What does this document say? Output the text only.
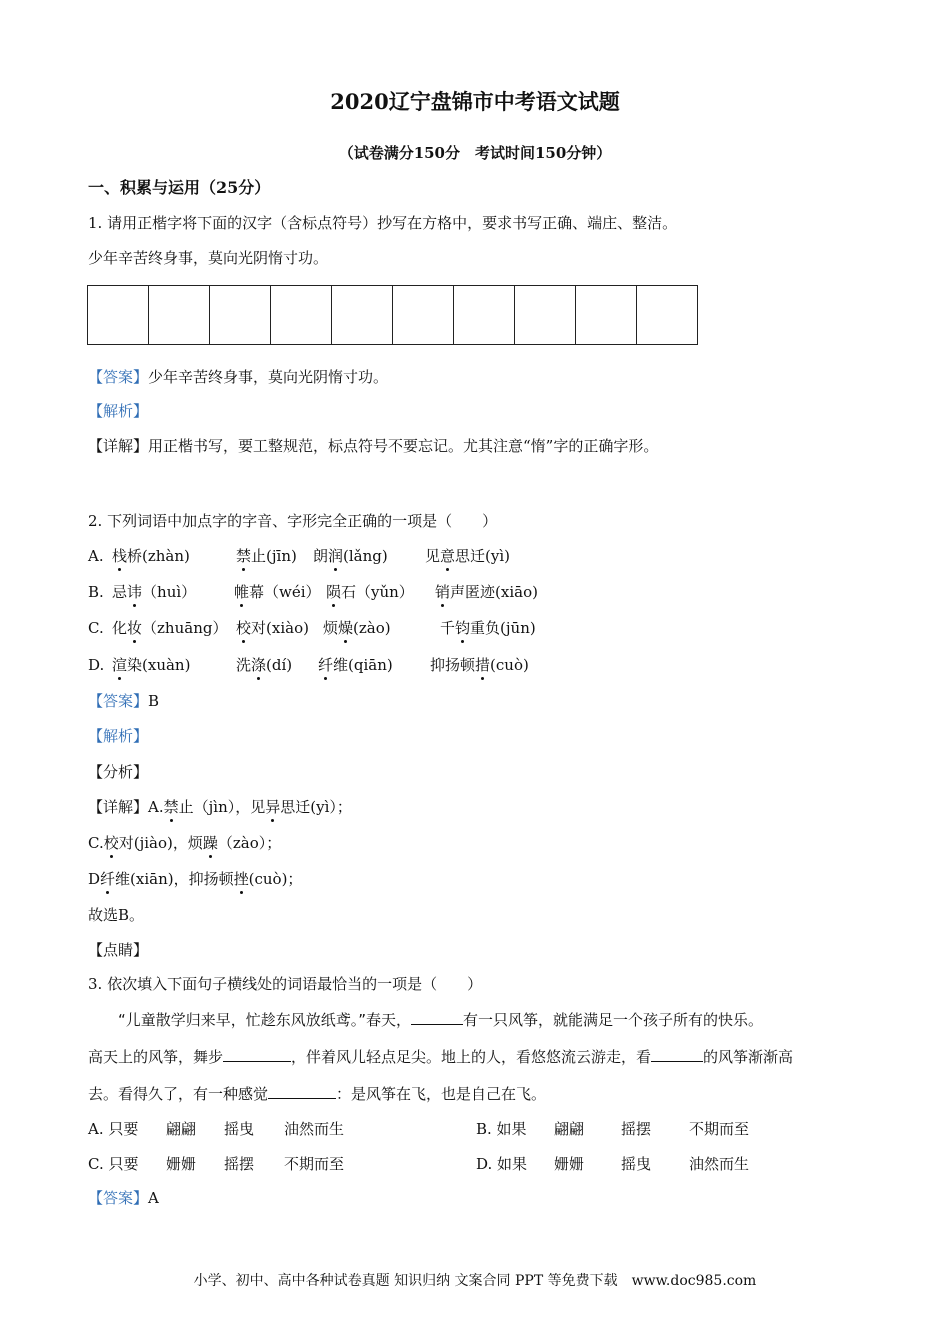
2020辽宁盘锦市中考语文试题
（试卷满分150分　考试时间150分钟）
一、积累与运用（25分）
1. 请用正楷字将下面的汉字（含标点符号）抄写在方格中，要求书写正确、端庄、整洁。
少年辛苦终身事，莫向光阴惰寸功。
【答案】少年辛苦终身事，莫向光阴惰寸功。
【解析】
【详解】用正楷书写，要工整规范，标点符号不要忘记。尤其注意“惰”字的正确字形。
2. 下列词语中加点字的字音、字形完全正确的一项是（　　）
A. 栈桥(zhàn)	禁止(jīn) 朗润(lǎng) 见意思迁(yì)
B. 忌讳（huì）	帷幕（wéi） 陨石（yǔn） 销声匿迹(xiāo)
C. 化妆（zhuāng） 校对(xiào) 烦燥(zào)	千钧重负(jūn)
D. 渲染(xuàn)	洗涤(dí) 纤维(qiān) 抑扬顿措(cuò)
【答案】B
【解析】
【分析】
【详解】A.禁止（jìn），见异思迁(yì）；
C.校对(jiào)，烦躁（zào）；
D纤维(xiān)，抑扬顿挫(cuò)；
故选B。
【点睛】
3. 依次填入下面句子横线处的词语最恰当的一项是（　　）
“儿童散学归来早，忙趁东风放纸鸢。”春天，	有一只风筝，就能满足一个孩子所有的快乐。
高天上的风筝，舞步	，伴着风儿轻点足尖。地上的人，看悠悠流云游走，看	的风筝渐渐高
去。看得久了，有一种感觉	：是风筝在飞，也是自己在飞。
A. 只要 翩翩 摇曳 油然而生	B. 如果 翩翩 摇摆	不期而至
C. 只要 姗姗 摇摆 不期而至	D. 如果 姗姗 摇曳	油然而生
【答案】A
小学、初中、高中各种试卷真题 知识归纳 文案合同 PPT 等免费下载　www.doc985.com
